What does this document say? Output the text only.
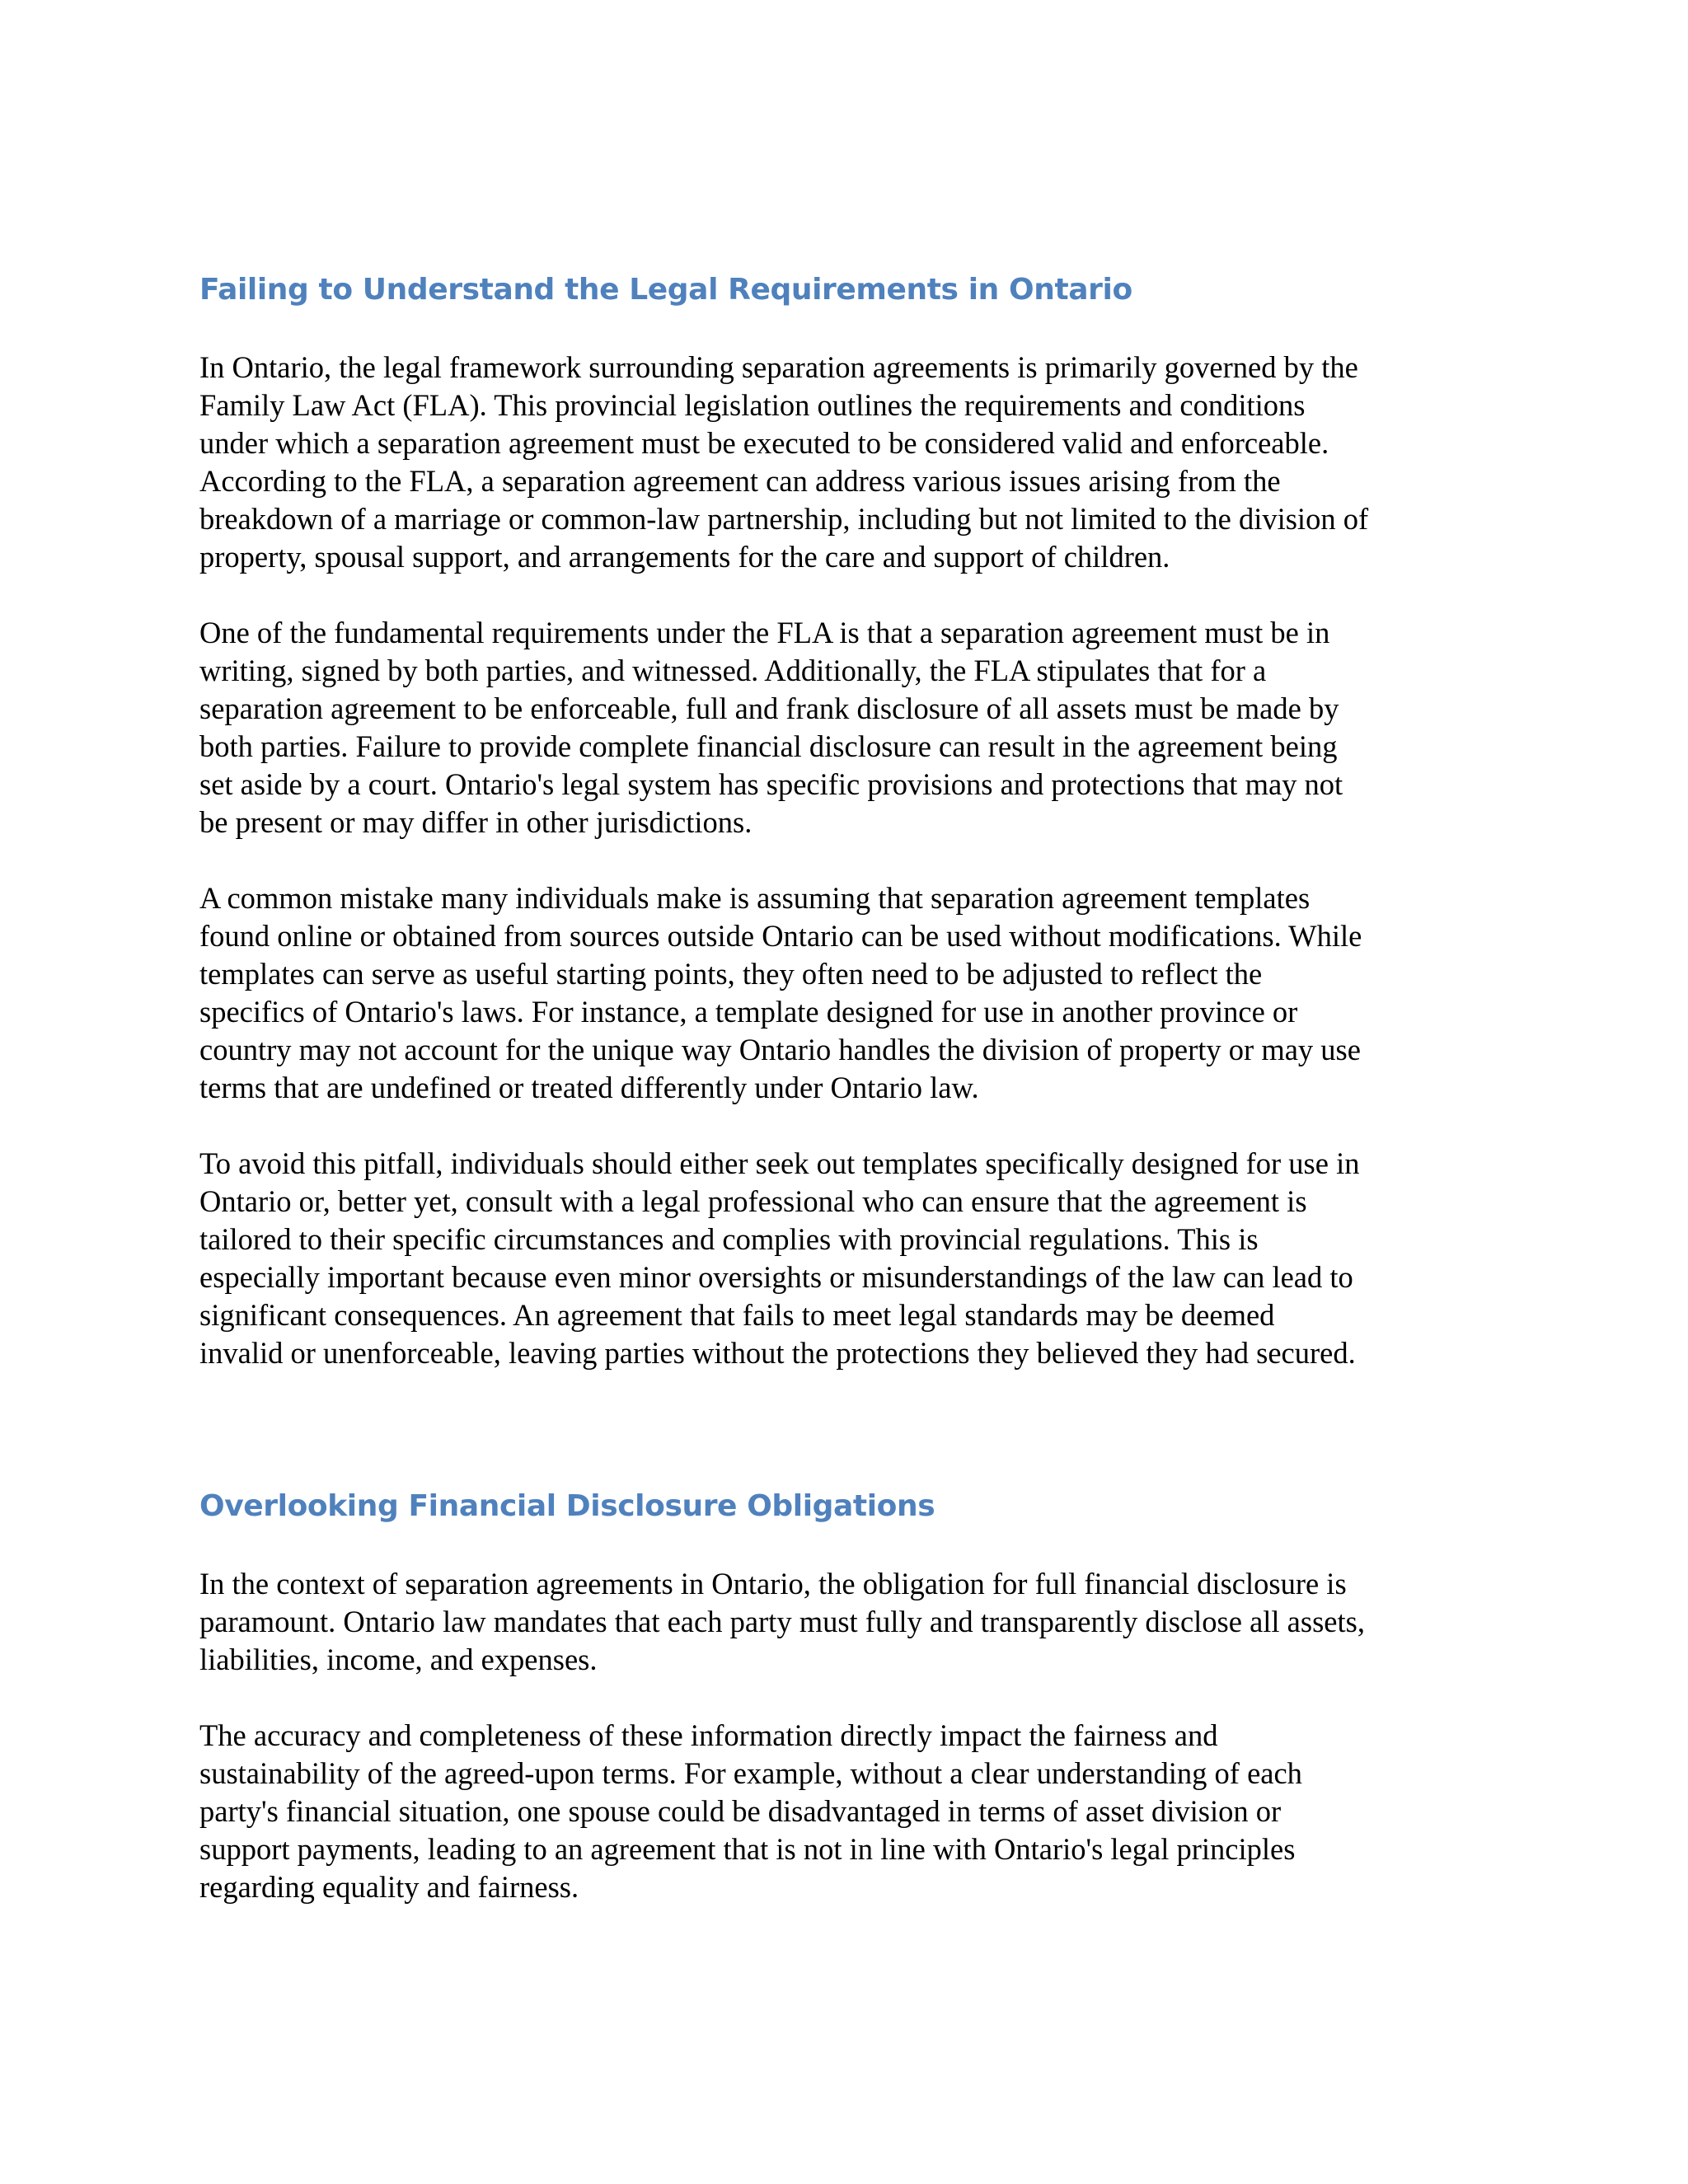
Failing to Understand the Legal Requirements in Ontario

In Ontario, the legal framework surrounding separation agreements is primarily governed by the
Family Law Act (FLA). This provincial legislation outlines the requirements and conditions
under which a separation agreement must be executed to be considered valid and enforceable.
According to the FLA, a separation agreement can address various issues arising from the
breakdown of a marriage or common-law partnership, including but not limited to the division of
property, spousal support, and arrangements for the care and support of children.

One of the fundamental requirements under the FLA is that a separation agreement must be in
writing, signed by both parties, and witnessed. Additionally, the FLA stipulates that for a
separation agreement to be enforceable, full and frank disclosure of all assets must be made by
both parties. Failure to provide complete financial disclosure can result in the agreement being
set aside by a court. Ontario's legal system has specific provisions and protections that may not
be present or may differ in other jurisdictions.

A common mistake many individuals make is assuming that separation agreement templates
found online or obtained from sources outside Ontario can be used without modifications. While
templates can serve as useful starting points, they often need to be adjusted to reflect the
specifics of Ontario's laws. For instance, a template designed for use in another province or
country may not account for the unique way Ontario handles the division of property or may use
terms that are undefined or treated differently under Ontario law.

To avoid this pitfall, individuals should either seek out templates specifically designed for use in
Ontario or, better yet, consult with a legal professional who can ensure that the agreement is
tailored to their specific circumstances and complies with provincial regulations. This is
especially important because even minor oversights or misunderstandings of the law can lead to
significant consequences. An agreement that fails to meet legal standards may be deemed
invalid or unenforceable, leaving parties without the protections they believed they had secured.

Overlooking Financial Disclosure Obligations

In the context of separation agreements in Ontario, the obligation for full financial disclosure is
paramount. Ontario law mandates that each party must fully and transparently disclose all assets,
liabilities, income, and expenses.

The accuracy and completeness of these information directly impact the fairness and
sustainability of the agreed-upon terms. For example, without a clear understanding of each
party's financial situation, one spouse could be disadvantaged in terms of asset division or
support payments, leading to an agreement that is not in line with Ontario's legal principles
regarding equality and fairness.
